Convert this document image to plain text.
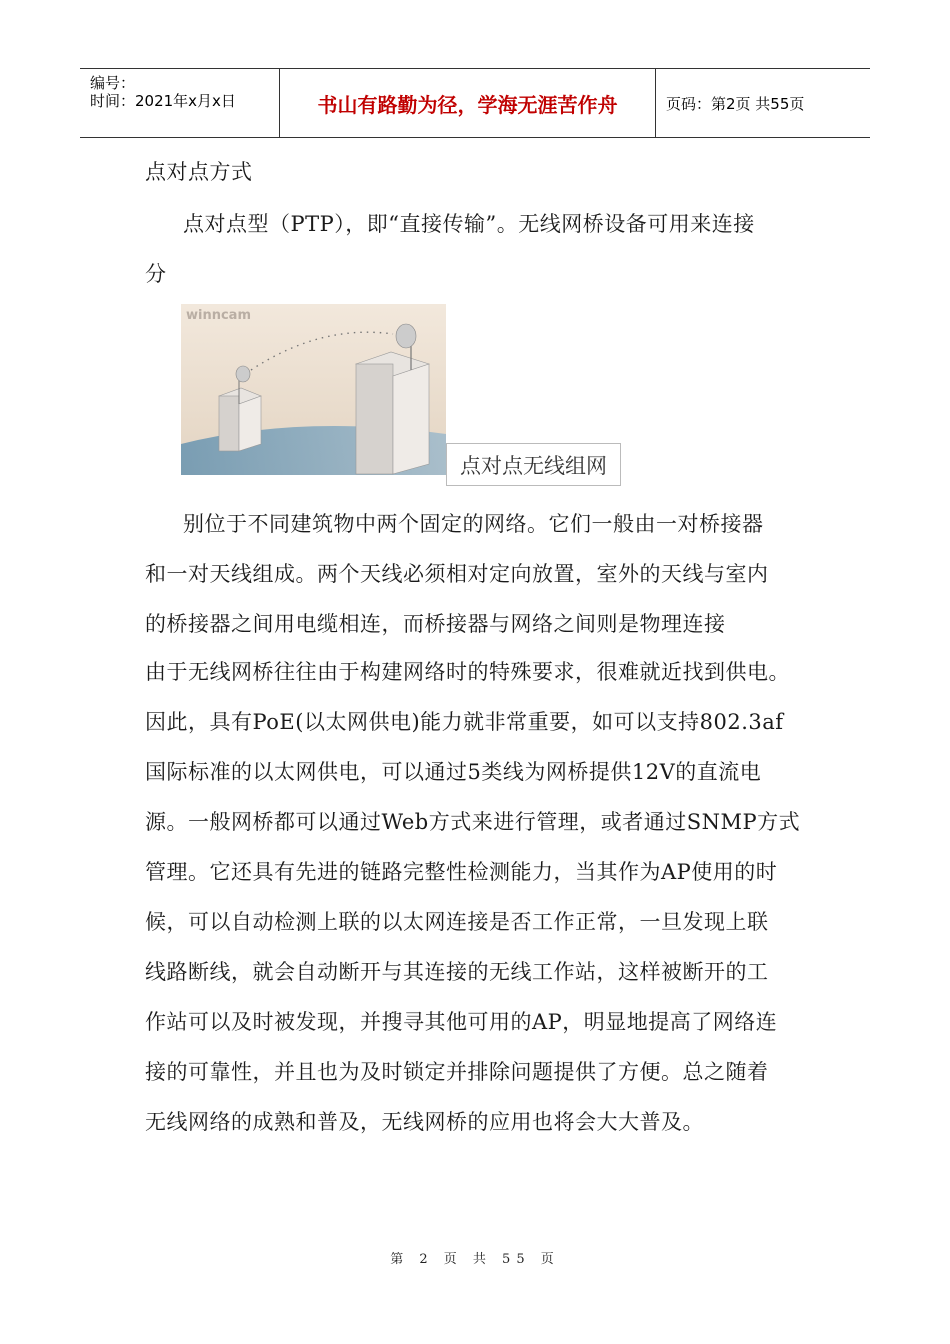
编号：
时间：2021年x月x日	书山有路勤为径，学海无涯苦作舟	页码：第2页 共55页
点对点方式
点对点型（PTP），即“直接传输”。无线网桥设备可用来连接
分
winncam
点对点无线组网
别位于不同建筑物中两个固定的网络。它们一般由一对桥接器
和一对天线组成。两个天线必须相对定向放置，室外的天线与室内
的桥接器之间用电缆相连，而桥接器与网络之间则是物理连接
由于无线网桥往往由于构建网络时的特殊要求，很难就近找到供电。
因此，具有PoE(以太网供电)能力就非常重要，如可以支持802.3af
国际标准的以太网供电，可以通过5类线为网桥提供12V的直流电
源。一般网桥都可以通过Web方式来进行管理，或者通过SNMP方式
管理。它还具有先进的链路完整性检测能力，当其作为AP使用的时
候，可以自动检测上联的以太网连接是否工作正常，一旦发现上联
线路断线，就会自动断开与其连接的无线工作站，这样被断开的工
作站可以及时被发现，并搜寻其他可用的AP，明显地提高了网络连
接的可靠性，并且也为及时锁定并排除问题提供了方便。总之随着
无线网络的成熟和普及，无线网桥的应用也将会大大普及。
第 2 页 共 55 页
